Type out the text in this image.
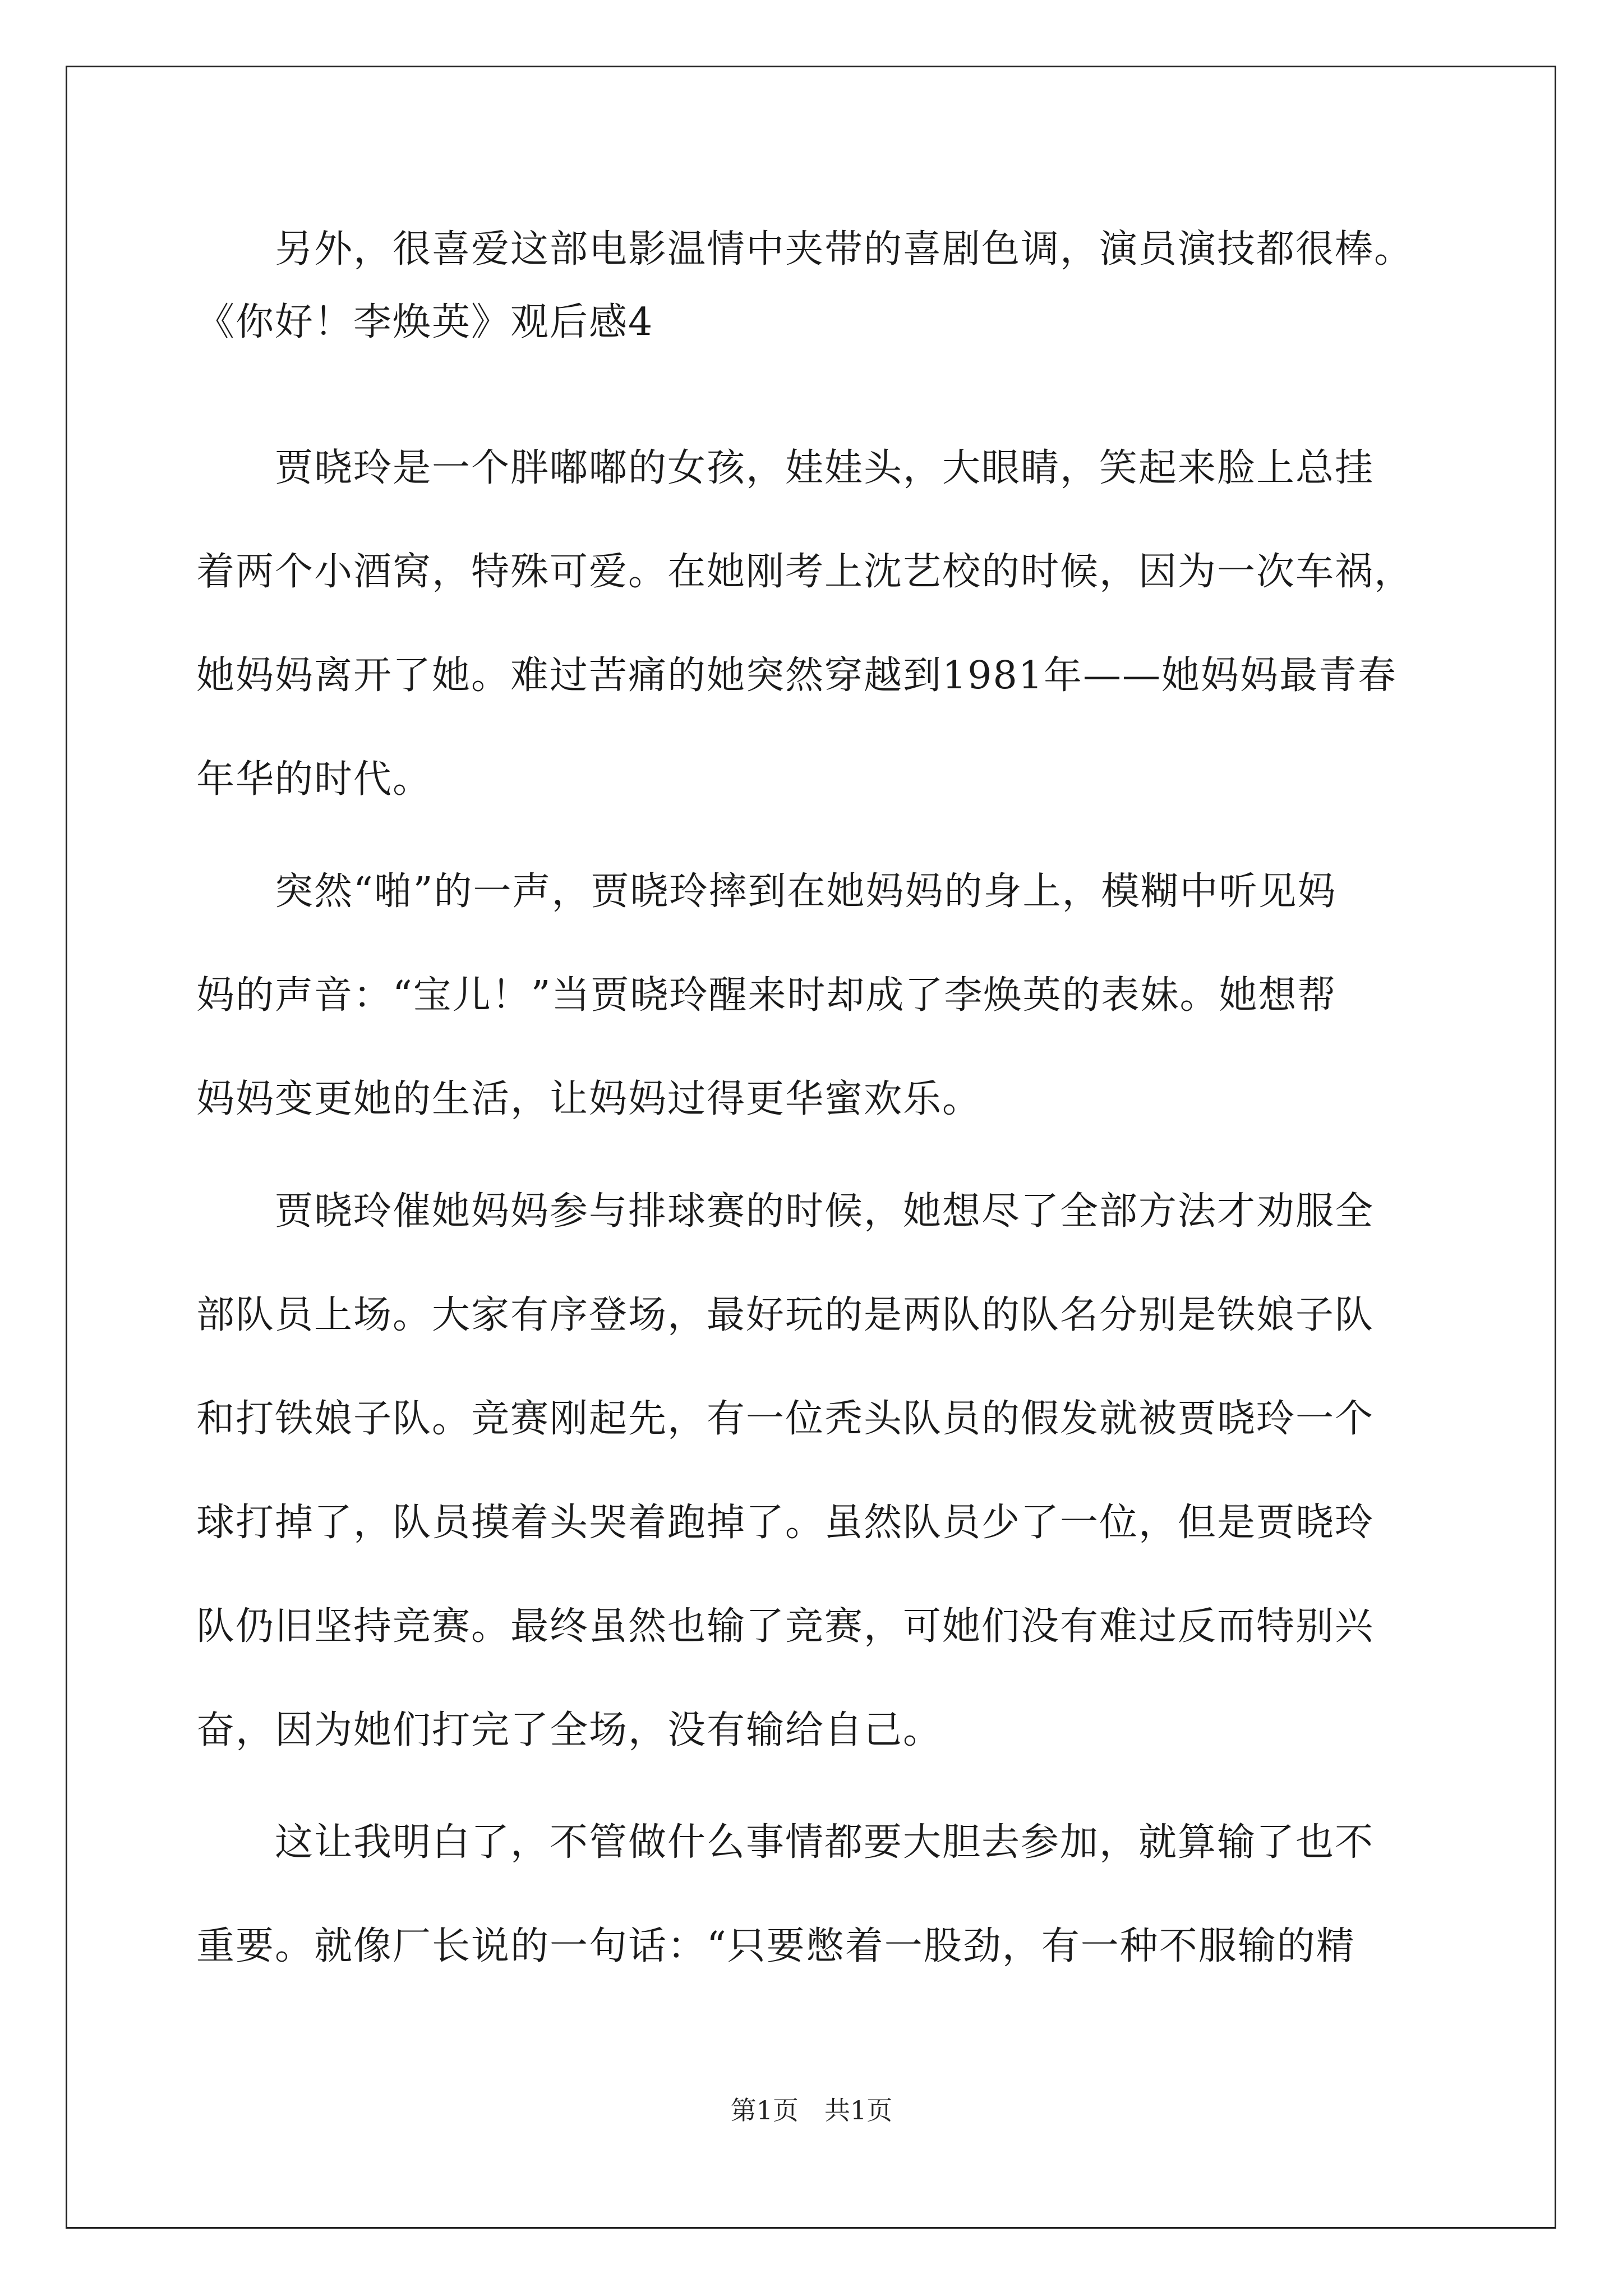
　　另外，很喜爱这部电影温情中夹带的喜剧色调，演员演技都很棒。
《你好！李焕英》观后感4
　　贾晓玲是一个胖嘟嘟的女孩，娃娃头，大眼睛，笑起来脸上总挂
着两个小酒窝，特殊可爱。在她刚考上沈艺校的时候，因为一次车祸，
她妈妈离开了她。难过苦痛的她突然穿越到1981年——她妈妈最青春
年华的时代。
　　突然“啪”的一声，贾晓玲摔到在她妈妈的身上，模糊中听见妈
妈的声音：“宝儿！”当贾晓玲醒来时却成了李焕英的表妹。她想帮
妈妈变更她的生活，让妈妈过得更华蜜欢乐。
　　贾晓玲催她妈妈参与排球赛的时候，她想尽了全部方法才劝服全
部队员上场。大家有序登场，最好玩的是两队的队名分别是铁娘子队
和打铁娘子队。竞赛刚起先，有一位秃头队员的假发就被贾晓玲一个
球打掉了，队员摸着头哭着跑掉了。虽然队员少了一位，但是贾晓玲
队仍旧坚持竞赛。最终虽然也输了竞赛，可她们没有难过反而特别兴
奋，因为她们打完了全场，没有输给自己。
　　这让我明白了，不管做什么事情都要大胆去参加，就算输了也不
重要。就像厂长说的一句话：“只要憋着一股劲，有一种不服输的精
第1页　共1页
